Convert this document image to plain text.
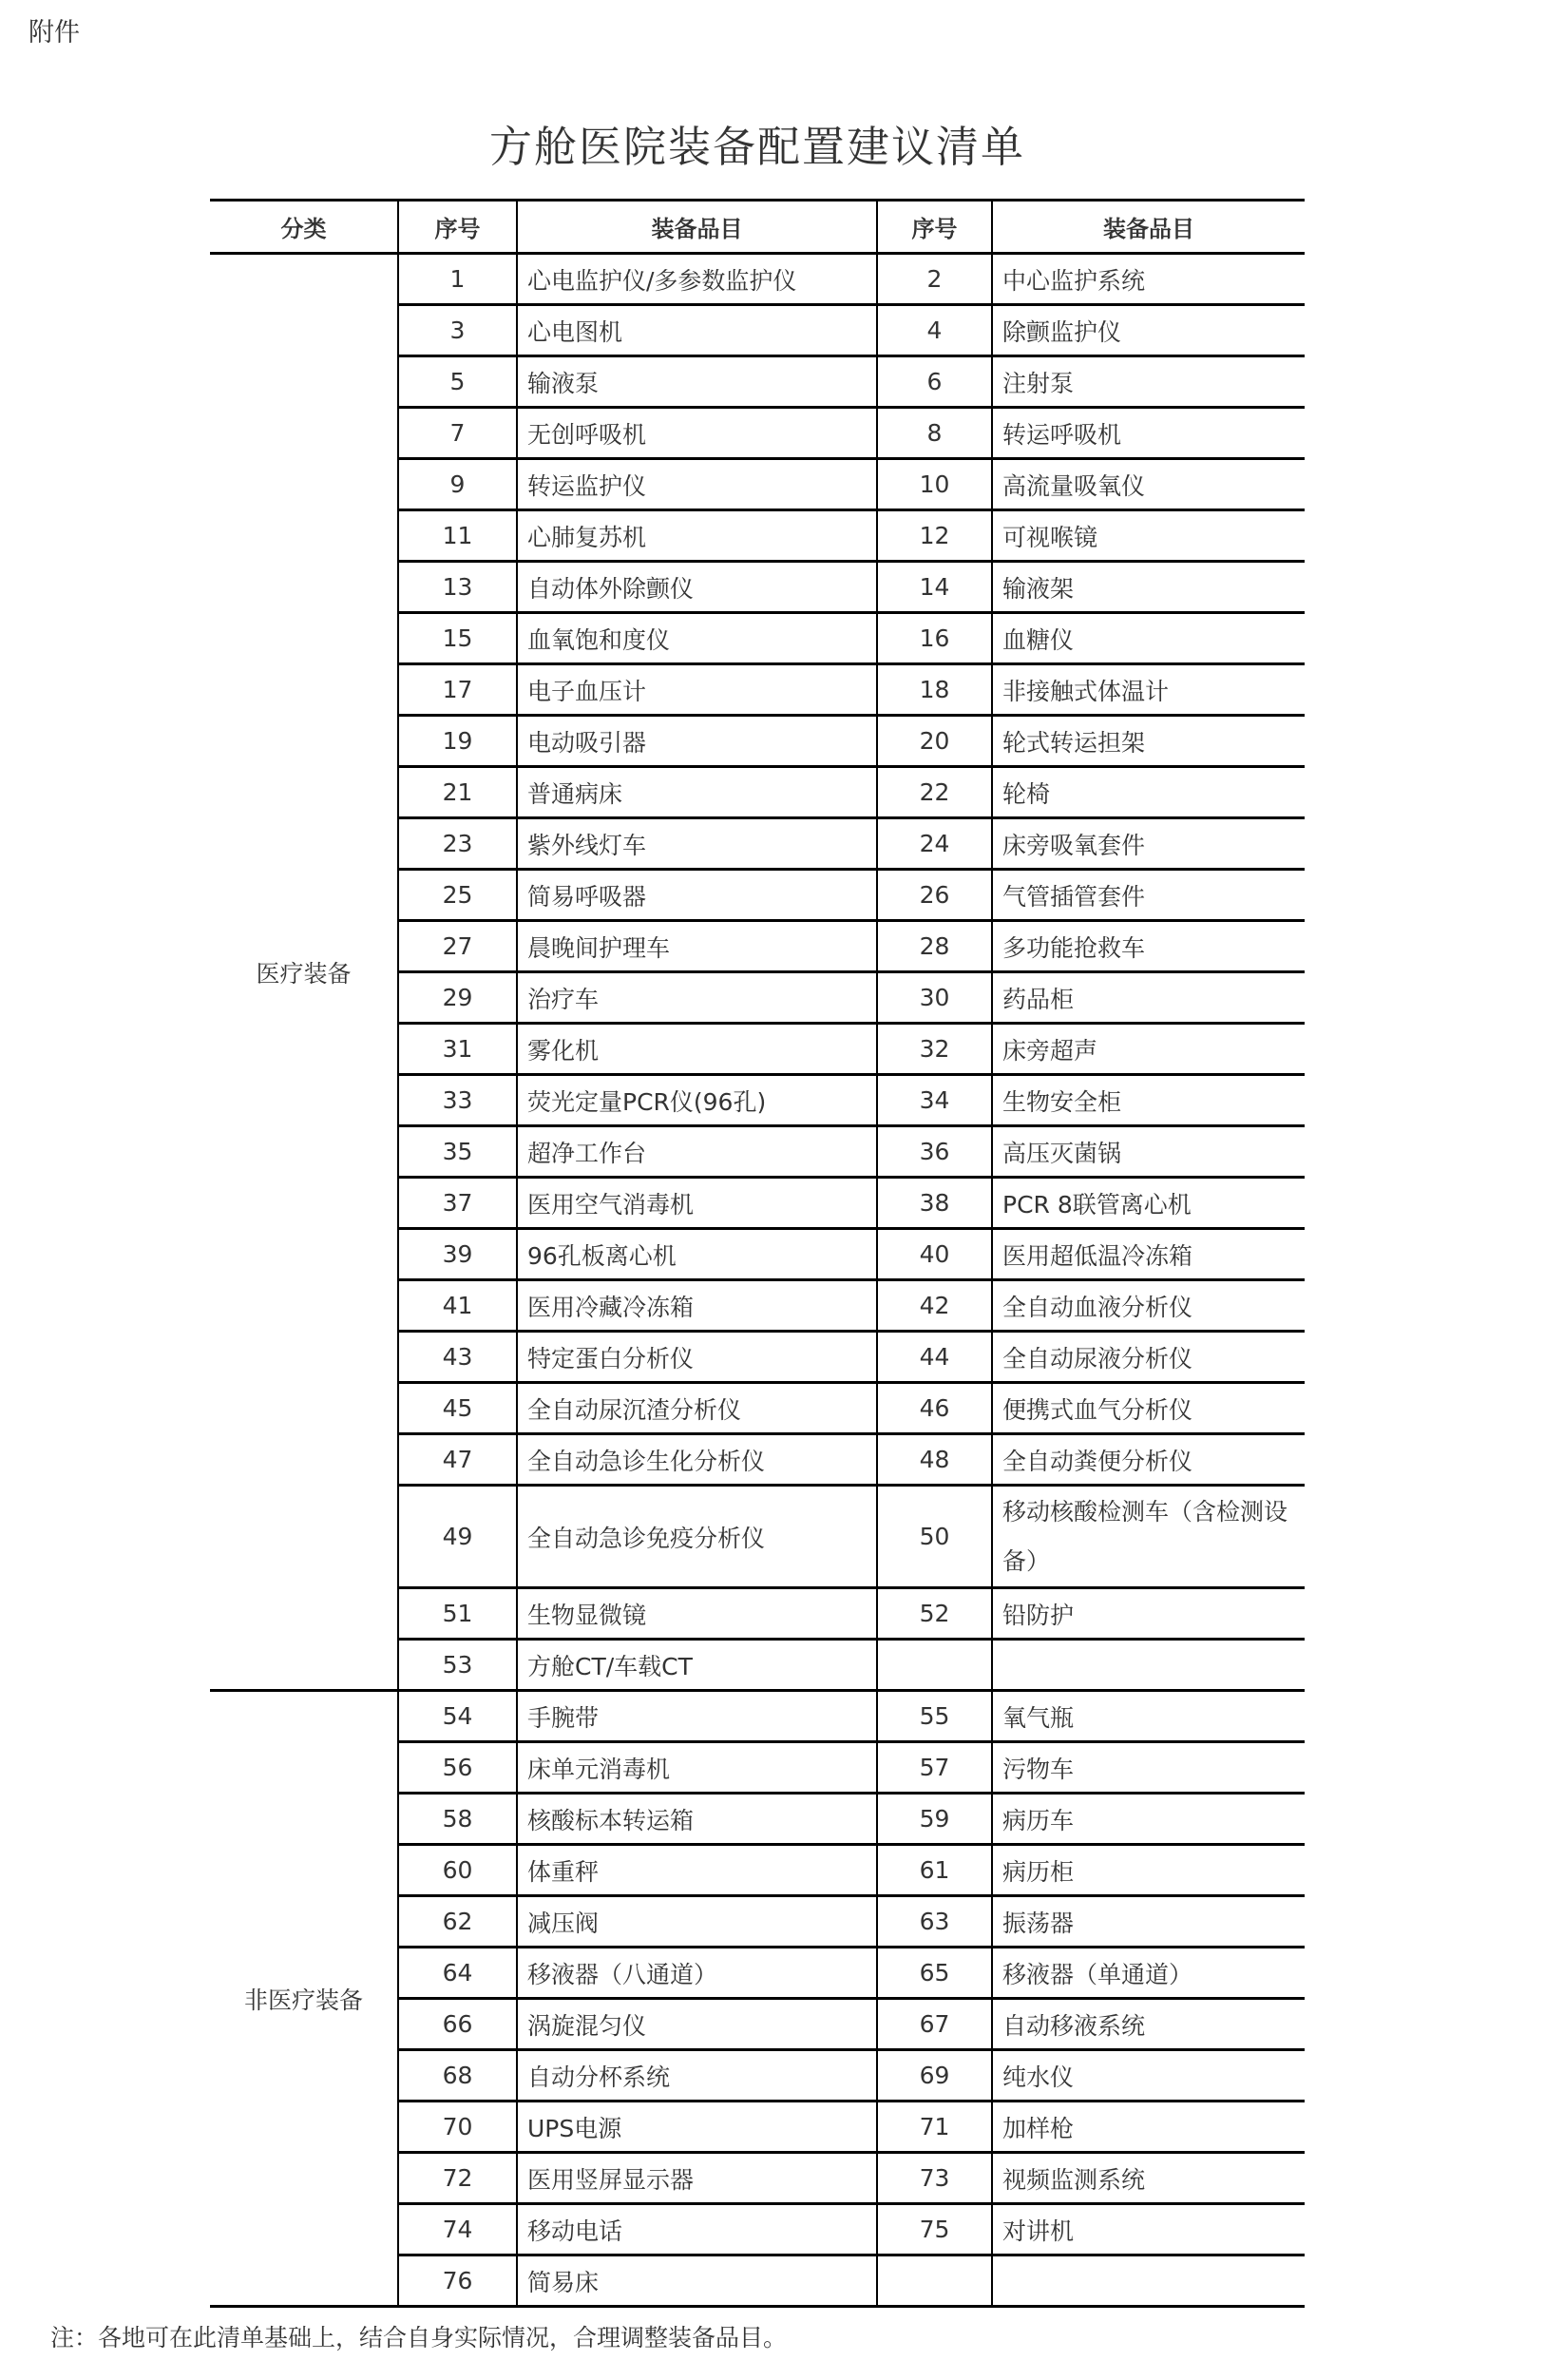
附件
方舱医院装备配置建议清单
分类	序号	装备品目	序号	装备品目
医疗装备	1	心电监护仪/多参数监护仪	2	中心监护系统
	3	心电图机	4	除颤监护仪
	5	输液泵	6	注射泵
	7	无创呼吸机	8	转运呼吸机
	9	转运监护仪	10	高流量吸氧仪
	11	心肺复苏机	12	可视喉镜
	13	自动体外除颤仪	14	输液架
	15	血氧饱和度仪	16	血糖仪
	17	电子血压计	18	非接触式体温计
	19	电动吸引器	20	轮式转运担架
	21	普通病床	22	轮椅
	23	紫外线灯车	24	床旁吸氧套件
	25	简易呼吸器	26	气管插管套件
	27	晨晚间护理车	28	多功能抢救车
	29	治疗车	30	药品柜
	31	雾化机	32	床旁超声
	33	荧光定量PCR仪(96孔)	34	生物安全柜
	35	超净工作台	36	高压灭菌锅
	37	医用空气消毒机	38	PCR 8联管离心机
	39	96孔板离心机	40	医用超低温冷冻箱
	41	医用冷藏冷冻箱	42	全自动血液分析仪
	43	特定蛋白分析仪	44	全自动尿液分析仪
	45	全自动尿沉渣分析仪	46	便携式血气分析仪
	47	全自动急诊生化分析仪	48	全自动粪便分析仪
	49	全自动急诊免疫分析仪	50	移动核酸检测车（含检测设备）
	51	生物显微镜	52	铅防护
	53	方舱CT/车载CT		
非医疗装备	54	手腕带	55	氧气瓶
	56	床单元消毒机	57	污物车
	58	核酸标本转运箱	59	病历车
	60	体重秤	61	病历柜
	62	减压阀	63	振荡器
	64	移液器（八通道）	65	移液器（单通道）
	66	涡旋混匀仪	67	自动移液系统
	68	自动分杯系统	69	纯水仪
	70	UPS电源	71	加样枪
	72	医用竖屏显示器	73	视频监测系统
	74	移动电话	75	对讲机
	76	简易床		
注：各地可在此清单基础上，结合自身实际情况，合理调整装备品目。
